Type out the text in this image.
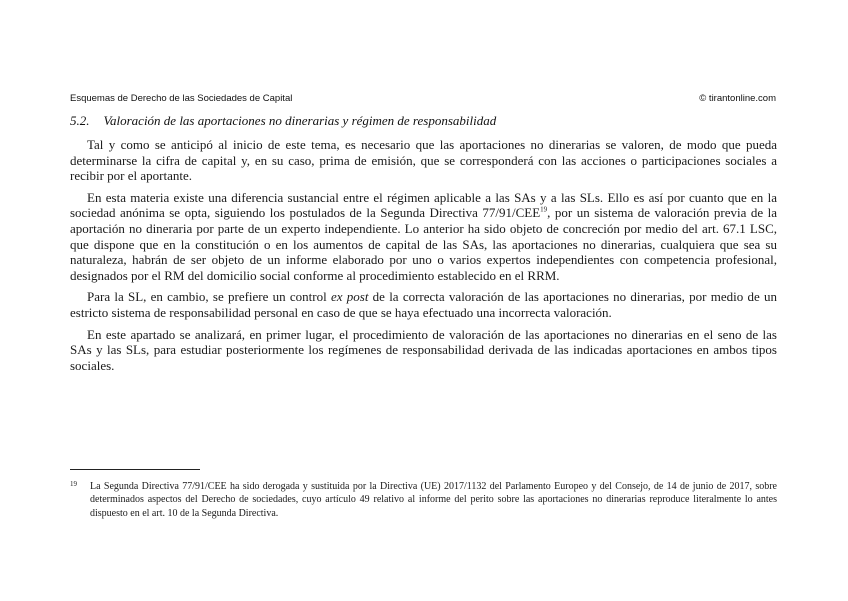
Esquemas de Derecho de las Sociedades de Capital	© tirantonline.com
5.2. Valoración de las aportaciones no dinerarias y régimen de responsabilidad

Tal y como se anticipó al inicio de este tema, es necesario que las aportaciones no dinerarias se valoren, de modo que pueda determinarse la cifra de capital y, en su caso, prima de emisión, que se corresponderá con las acciones o participaciones sociales a recibir por el aportante.

En esta materia existe una diferencia sustancial entre el régimen aplicable a las SAs y a las SLs. Ello es así por cuanto que en la sociedad anónima se opta, siguiendo los postulados de la Segunda Directiva 77/91/CEE$^{19}$, por un sistema de valoración previa de la aportación no dineraria por parte de un experto independiente. Lo anterior ha sido objeto de concreción por medio del art. 67.1 LSC, que dispone que en la constitución o en los aumentos de capital de las SAs, las aportaciones no dinerarias, cualquiera que sea su naturaleza, habrán de ser objeto de un informe elaborado por uno o varios expertos independientes con competencia profesional, designados por el RM del domicilio social conforme al procedimiento establecido en el RRM.

Para la SL, en cambio, se prefiere un control ex post de la correcta valoración de las aportaciones no dinerarias, por medio de un estricto sistema de responsabilidad personal en caso de que se haya efectuado una incorrecta valoración.

En este apartado se analizará, en primer lugar, el procedimiento de valoración de las aportaciones no dinerarias en el seno de las SAs y las SLs, para estudiar posteriormente los regímenes de responsabilidad derivada de las indicadas aportaciones en ambos tipos sociales.

19	La Segunda Directiva 77/91/CEE ha sido derogada y sustituida por la Directiva (UE) 2017/1132 del Parlamento Europeo y del Consejo, de 14 de junio de 2017, sobre determinados aspectos del Derecho de sociedades, cuyo artículo 49 relativo al informe del perito sobre las aportaciones no dinerarias reproduce literalmente lo antes dispuesto en el art. 10 de la Segunda Directiva.
